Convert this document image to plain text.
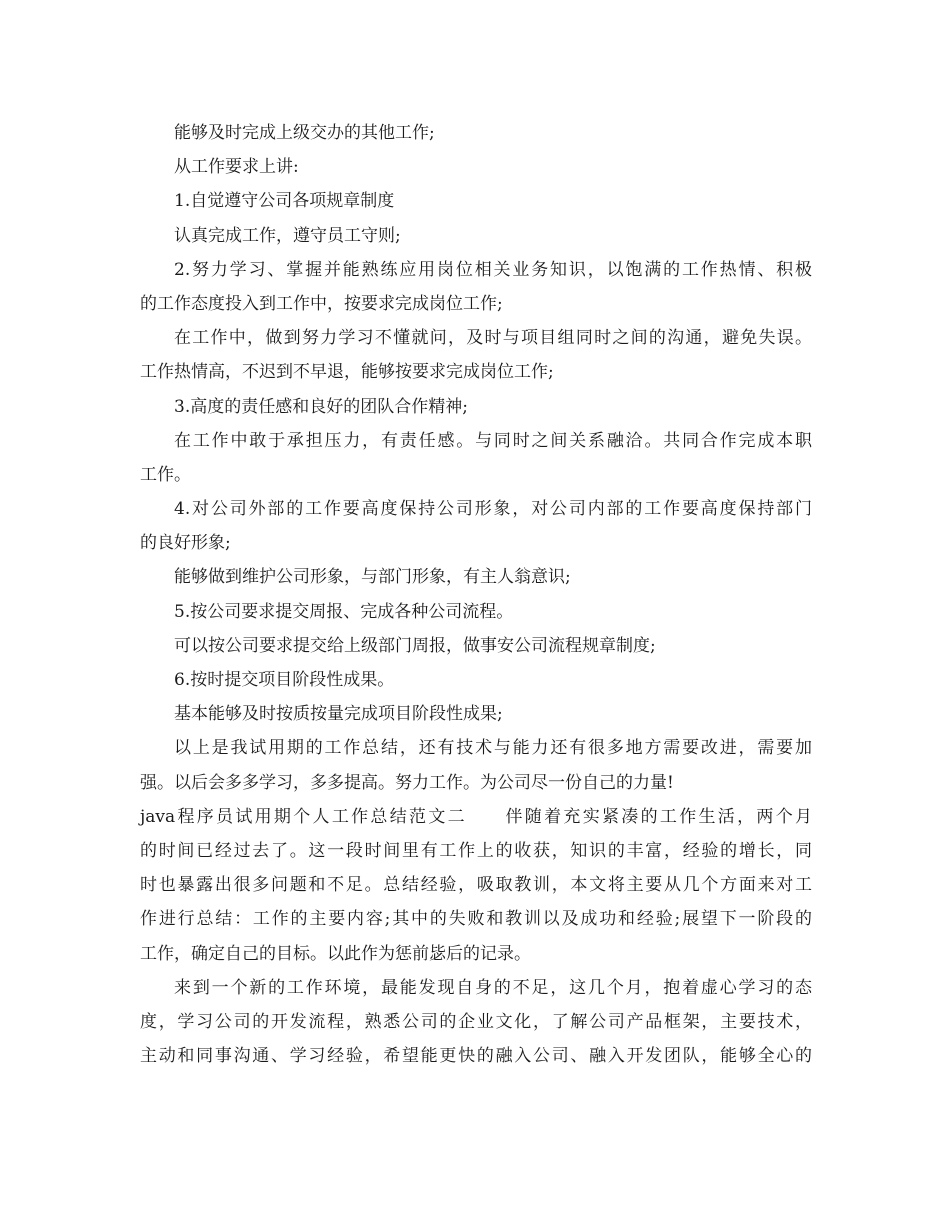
能够及时完成上级交办的其他工作;
从工作要求上讲:
1.自觉遵守公司各项规章制度
认真完成工作，遵守员工守则;
2.努力学习、掌握并能熟练应用岗位相关业务知识，以饱满的工作热情、积极
的工作态度投入到工作中，按要求完成岗位工作;
在工作中，做到努力学习不懂就问，及时与项目组同时之间的沟通，避免失误。
工作热情高，不迟到不早退，能够按要求完成岗位工作;
3.高度的责任感和良好的团队合作精神;
在工作中敢于承担压力，有责任感。与同时之间关系融洽。共同合作完成本职
工作。
4.对公司外部的工作要高度保持公司形象，对公司内部的工作要高度保持部门
的良好形象;
能够做到维护公司形象，与部门形象，有主人翁意识;
5.按公司要求提交周报、完成各种公司流程。
可以按公司要求提交给上级部门周报，做事安公司流程规章制度;
6.按时提交项目阶段性成果。
基本能够及时按质按量完成项目阶段性成果;
以上是我试用期的工作总结，还有技术与能力还有很多地方需要改进，需要加
强。以后会多多学习，多多提高。努力工作。为公司尽一份自己的力量!
java程序员试用期个人工作总结范文二　　伴随着充实紧凑的工作生活，两个月
的时间已经过去了。这一段时间里有工作上的收获，知识的丰富，经验的增长，同
时也暴露出很多问题和不足。总结经验，吸取教训，本文将主要从几个方面来对工
作进行总结：工作的主要内容;其中的失败和教训以及成功和经验;展望下一阶段的
工作，确定自己的目标。以此作为惩前毖后的记录。
来到一个新的工作环境，最能发现自身的不足，这几个月，抱着虚心学习的态
度，学习公司的开发流程，熟悉公司的企业文化，了解公司产品框架，主要技术，
主动和同事沟通、学习经验，希望能更快的融入公司、融入开发团队，能够全心的
